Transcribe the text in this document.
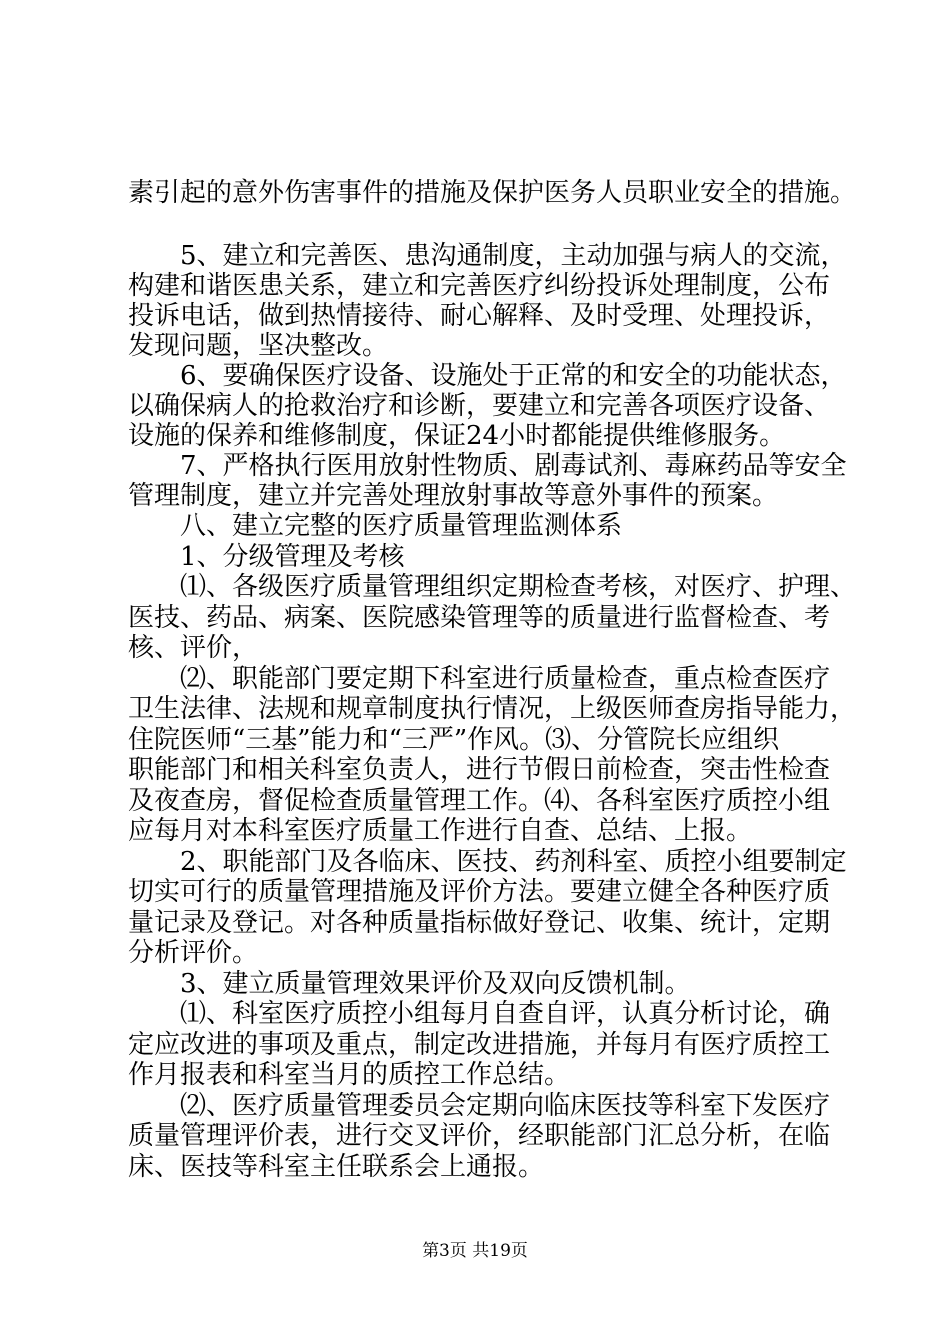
素引起的意外伤害事件的措施及保护医务人员职业安全的措施。
　　5、建立和完善医、患沟通制度，主动加强与病人的交流，
构建和谐医患关系，建立和完善医疗纠纷投诉处理制度，公布
投诉电话，做到热情接待、耐心解释、及时受理、处理投诉，
发现问题，坚决整改。
　　6、要确保医疗设备、设施处于正常的和安全的功能状态，
以确保病人的抢救治疗和诊断，要建立和完善各项医疗设备、
设施的保养和维修制度，保证24小时都能提供维修服务。
　　7、严格执行医用放射性物质、剧毒试剂、毒麻药品等安全
管理制度，建立并完善处理放射事故等意外事件的预案。
　　八、建立完整的医疗质量管理监测体系
　　1、分级管理及考核
　　⑴、各级医疗质量管理组织定期检查考核，对医疗、护理、
医技、药品、病案、医院感染管理等的质量进行监督检查、考
核、评价，
　　⑵、职能部门要定期下科室进行质量检查，重点检查医疗
卫生法律、法规和规章制度执行情况，上级医师查房指导能力，
住院医师“三基”能力和“三严”作风。⑶、分管院长应组织
职能部门和相关科室负责人，进行节假日前检查，突击性检查
及夜查房，督促检查质量管理工作。⑷、各科室医疗质控小组
应每月对本科室医疗质量工作进行自查、总结、上报。
　　2、职能部门及各临床、医技、药剂科室、质控小组要制定
切实可行的质量管理措施及评价方法。要建立健全各种医疗质
量记录及登记。对各种质量指标做好登记、收集、统计，定期
分析评价。
　　3、建立质量管理效果评价及双向反馈机制。
　　⑴、科室医疗质控小组每月自查自评，认真分析讨论，确
定应改进的事项及重点，制定改进措施，并每月有医疗质控工
作月报表和科室当月的质控工作总结。
　　⑵、医疗质量管理委员会定期向临床医技等科室下发医疗
质量管理评价表，进行交叉评价，经职能部门汇总分析，在临
床、医技等科室主任联系会上通报。
第3页 共19页
